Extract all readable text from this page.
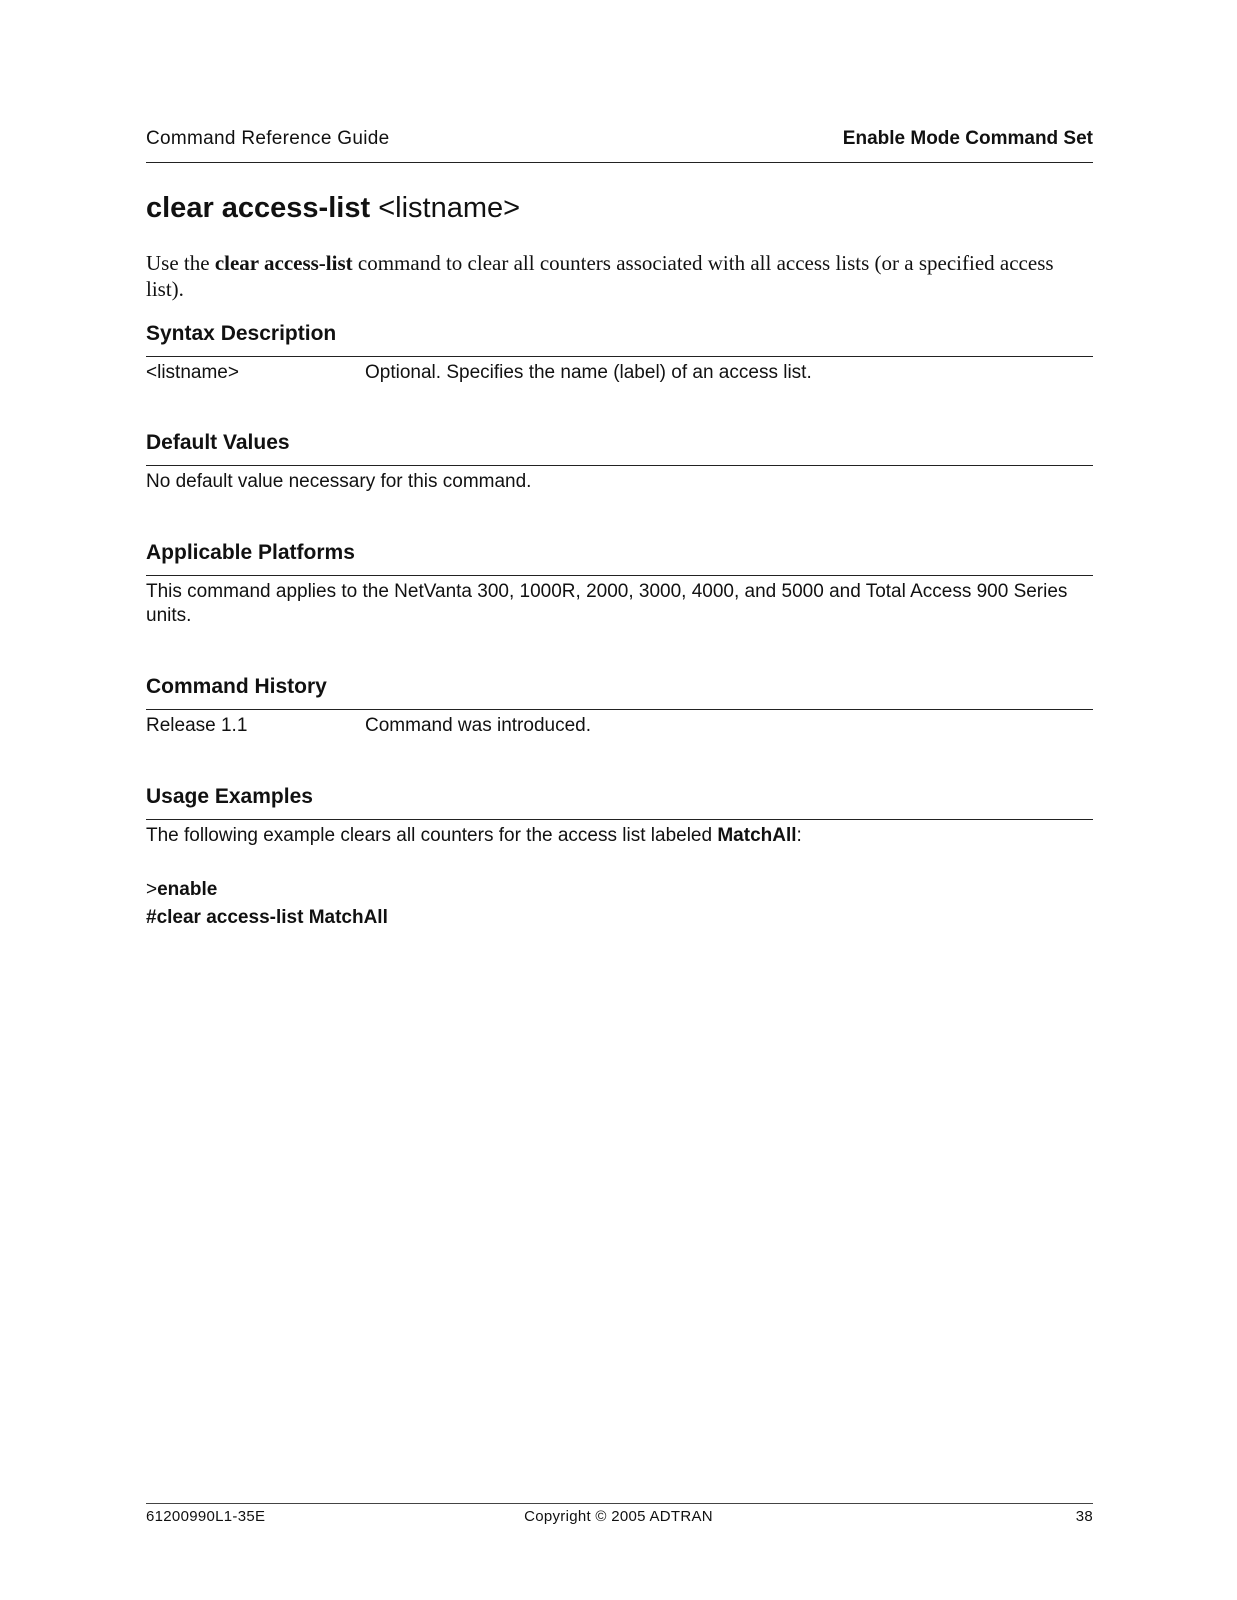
Command Reference Guide	Enable Mode Command Set
clear access-list <listname>

Use the clear access-list command to clear all counters associated with all access lists (or a specified access list).

Syntax Description
<listname>	Optional. Specifies the name (label) of an access list.
Default Values
No default value necessary for this command.
Applicable Platforms
This command applies to the NetVanta 300, 1000R, 2000, 3000, 4000, and 5000 and Total Access 900 Series units.
Command History
Release 1.1	Command was introduced.
Usage Examples
The following example clears all counters for the access list labeled MatchAll:
>enable
#clear access-list MatchAll
61200990L1-35E	Copyright © 2005 ADTRAN	38
